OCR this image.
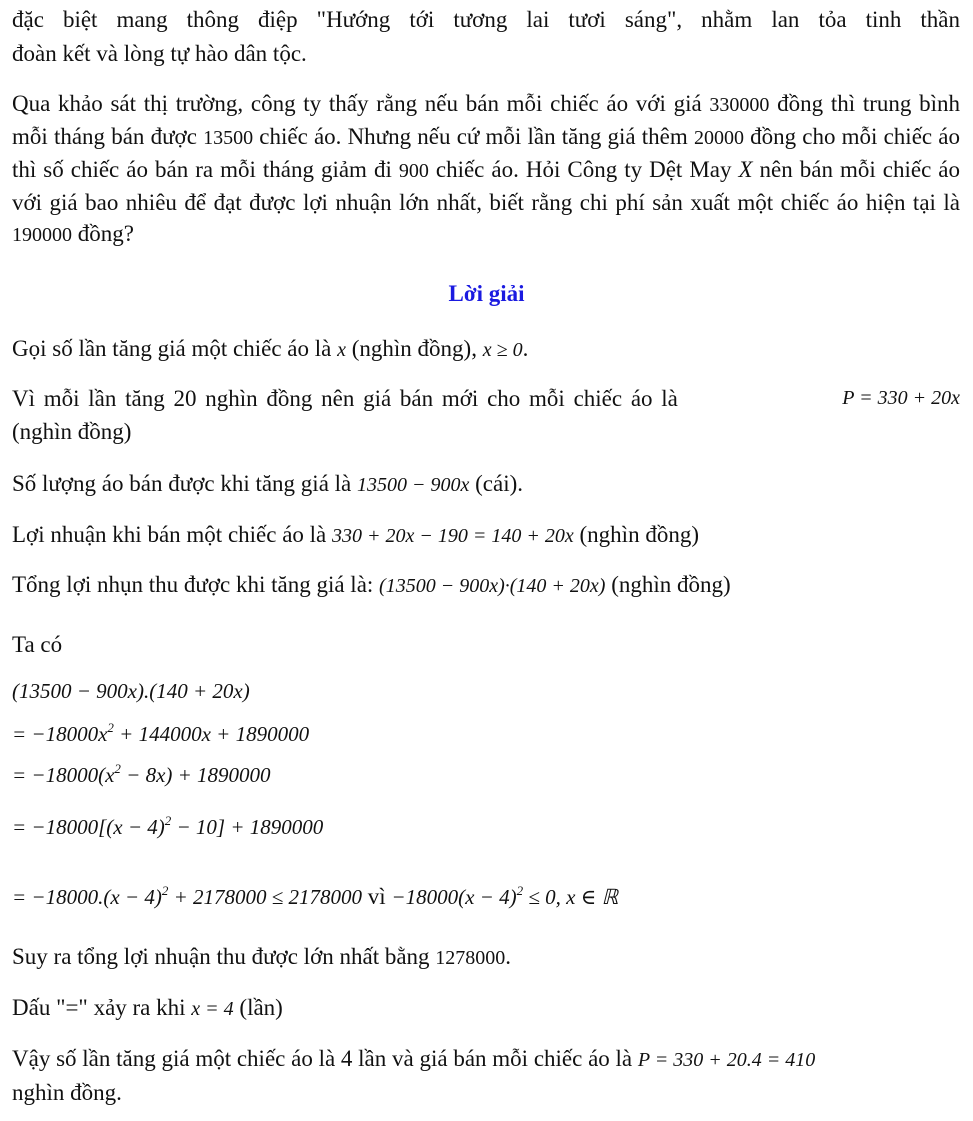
đặc biệt mang thông điệp "Hướng tới tương lai tươi sáng", nhằm lan tỏa tinh thần
đoàn kết và lòng tự hào dân tộc.

Qua khảo sát thị trường, công ty thấy rằng nếu bán mỗi chiếc áo với giá 330000 đồng thì trung bình mỗi tháng bán được 13500 chiếc áo. Nhưng nếu cứ mỗi lần tăng giá thêm 20000 đồng cho mỗi chiếc áo thì số chiếc áo bán ra mỗi tháng giảm đi 900 chiếc áo. Hỏi Công ty Dệt May X nên bán mỗi chiếc áo với giá bao nhiêu để đạt được lợi nhuận lớn nhất, biết rằng chi phí sản xuất một chiếc áo hiện tại là 190000 đồng?

Lời giải
Gọi số lần tăng giá một chiếc áo là x (nghìn đồng), x ≥ 0.
Vì mỗi lần tăng 20 nghìn đồng nên giá bán mới cho mỗi chiếc áo là	P = 330 + 20x
(nghìn đồng)
Số lượng áo bán được khi tăng giá là 13500 − 900x (cái).
Lợi nhuận khi bán một chiếc áo là 330 + 20x − 190 = 140 + 20x (nghìn đồng)
Tổng lợi nhụn thu được khi tăng giá là: (13500 − 900x)·(140 + 20x) (nghìn đồng)
Ta có
(13500 − 900x).(140 + 20x)
= $-18000x^2 + 144000x + 1890000$
= $-18000(x^2 - 8x) + 1890000$
= $-18000[(x - 4)^2 - 10] + 1890000$
= $-18000.(x - 4)^2 + 2178000 \le 2178000$ vì $-18000(x - 4)^2 \le 0$, x ∈ ℝ
Suy ra tổng lợi nhuận thu được lớn nhất bằng 1278000.
Dấu "=" xảy ra khi x = 4 (lần)
Vậy số lần tăng giá một chiếc áo là 4 lần và giá bán mỗi chiếc áo là P = 330 + 20.4 = 410
nghìn đồng.
